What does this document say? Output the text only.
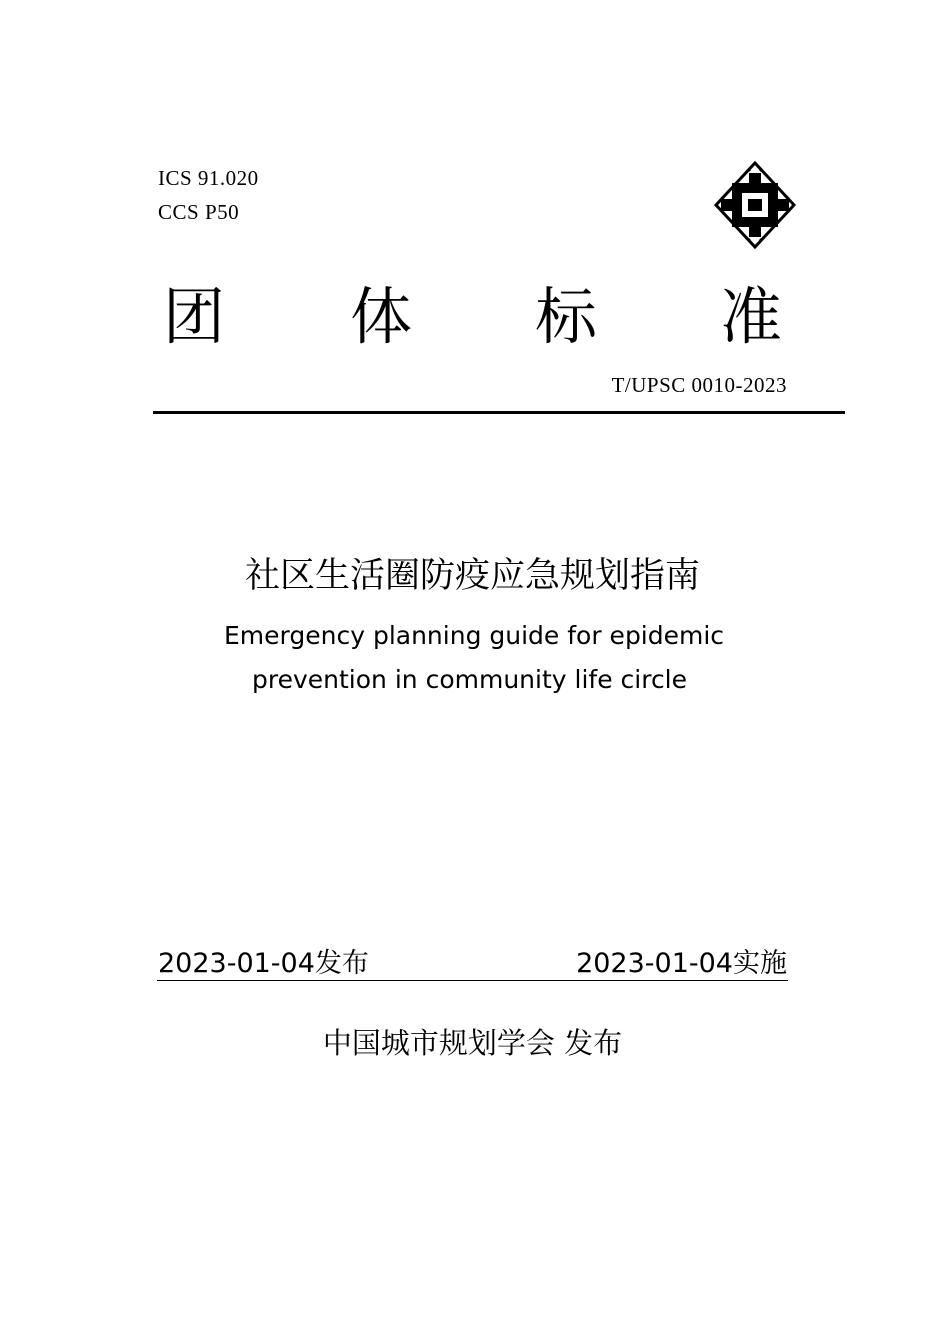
ICS 91.020
CCS P50
团 体 标 准
T/UPSC 0010-2023
社区生活圈防疫应急规划指南
Emergency planning guide for epidemic
prevention in community life circle
2023-01-04发布	2023-01-04实施
中国城市规划学会 发布
